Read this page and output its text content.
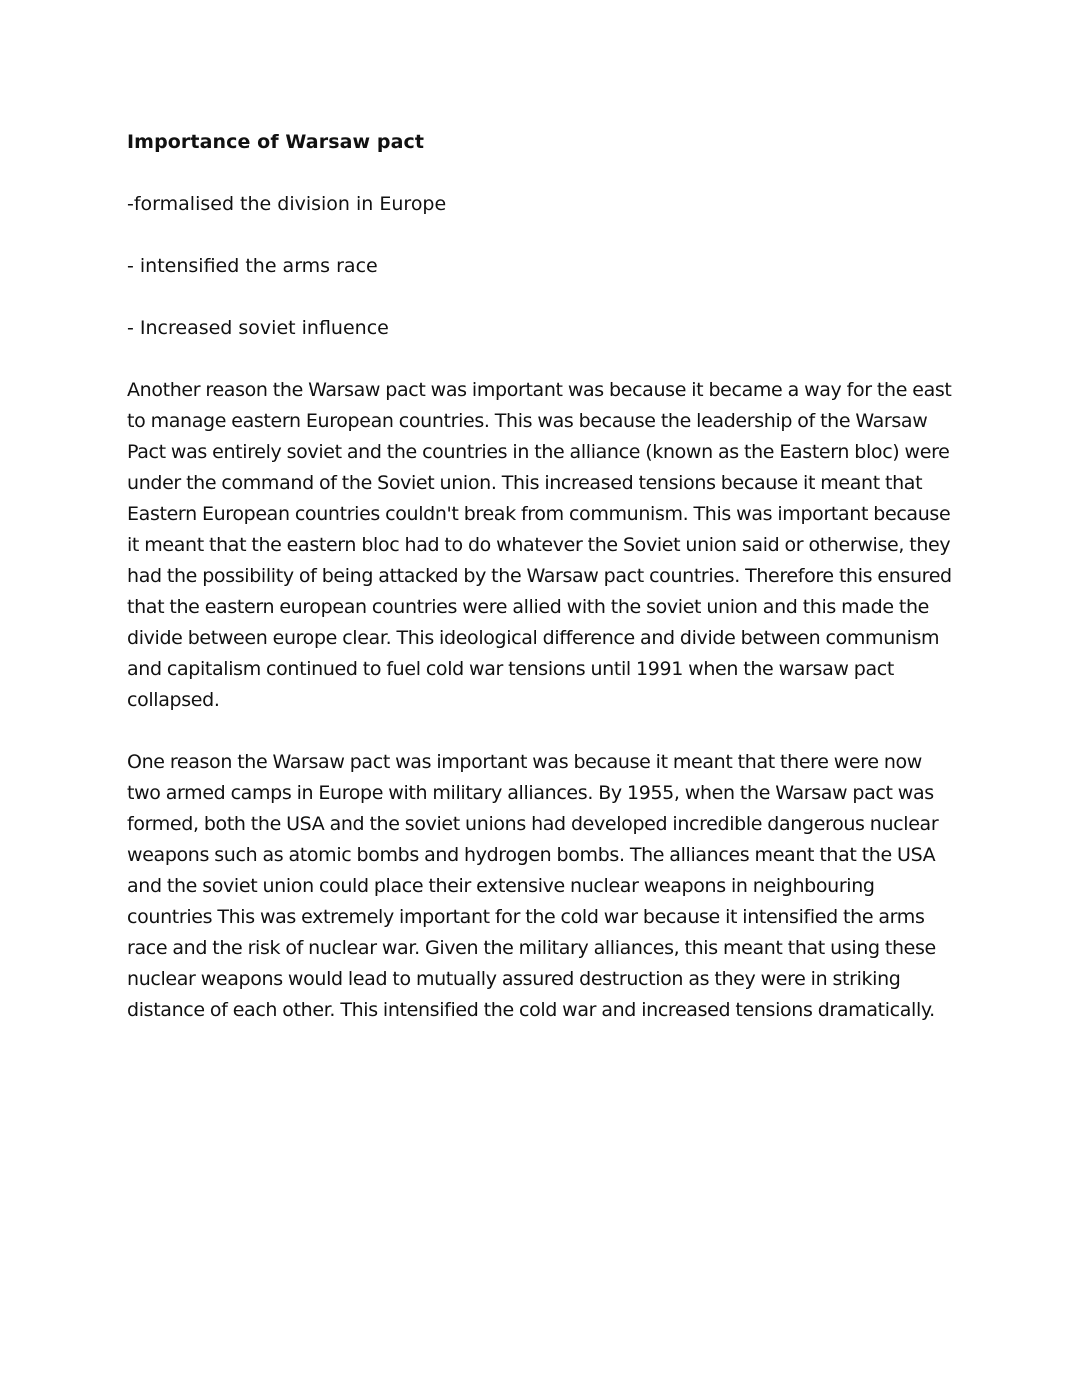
Importance of Warsaw pact
-formalised the division in Europe
- intensified the arms race
- Increased soviet influence

Another reason the Warsaw pact was important was because it became a way for the east to manage eastern European countries. This was because the leadership of the Warsaw Pact was entirely soviet and the countries in the alliance (known as the Eastern bloc) were under the command of the Soviet union. This increased tensions because it meant that Eastern European countries couldn't break from communism. This was important because it meant that the eastern bloc had to do whatever the Soviet union said or otherwise, they had the possibility of being attacked by the Warsaw pact countries. Therefore this ensured that the eastern european countries were allied with the soviet union and this made the divide between europe clear. This ideological difference and divide between communism and capitalism continued to fuel cold war tensions until 1991 when the warsaw pact collapsed.

One reason the Warsaw pact was important was because it meant that there were now two armed camps in Europe with military alliances. By 1955, when the Warsaw pact was formed, both the USA and the soviet unions had developed incredible dangerous nuclear weapons such as atomic bombs and hydrogen bombs. The alliances meant that the USA and the soviet union could place their extensive nuclear weapons in neighbouring countries This was extremely important for the cold war because it intensified the arms race and the risk of nuclear war. Given the military alliances, this meant that using these nuclear weapons would lead to mutually assured destruction as they were in striking distance of each other. This intensified the cold war and increased tensions dramatically.
